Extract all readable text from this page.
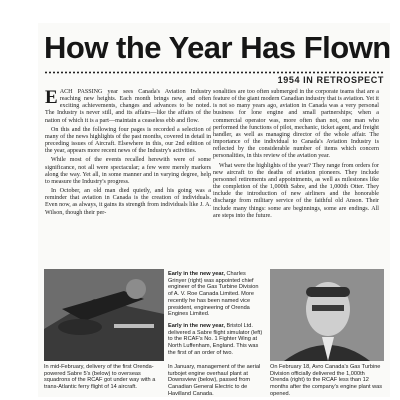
How the Year Has Flown
1954 IN RETROSPECT

EACH PASSING year sees Canada's Aviation Industry reaching new heights. Each month brings new, and often exciting achievements, changes and advances to be noted. The Industry is never still, and its affairs—like the affairs of the nation of which it is a part—maintain a ceaseless ebb and flow.

On this and the following four pages is recorded a selection of many of the news highlights of the past months, covered in detail in preceding issues of Aircraft. Elsewhere in this, our 2nd edition of the year, appears more recent news of the Industry's activities.

While most of the events recalled herewith were of some significance, not all were spectacular; a few were merely markers along the way. Yet all, in some manner and in varying degree, help to measure the Industry's progress.

In October, an old man died quietly, and his going was a reminder that aviation in Canada is the creation of individuals. Even now, as always, it gains its strength from individuals like J. A. Wilson, though their per-

sonalities are too often submerged in the corporate teams that are a feature of the giant modern Canadian industry that is aviation. Yet it is not so many years ago, aviation in Canada was a very personal business for lone engine and small partnerships; when a commercial operator was, more often than not, one man who performed the functions of pilot, mechanic, ticket agent, and freight handler, as well as managing director of the whole affair. The importance of the individual to Canada's Aviation Industry is reflected by the considerable number of items which concern personalities, in this review of the aviation year.

What were the highlights of the year? They range from orders for new aircraft to the deaths of aviation pioneers. They include personnel retirements and appointments, as well as milestones like the completion of the 1,000th Sabre, and the 1,000th Otter. They include the introduction of new airliners and the honorable discharge from military service of the faithful old Anson. Their include many things: some are beginnings, some are endings. All are steps into the future.

Early in the new year, Charles Grinyer (right) was appointed chief engineer of the Gas Turbine Division of A. V. Roe Canada Limited. More recently he has been named vice president, engineering of Orenda Engines Limited.

Early in the new year, Bristol Ltd. delivered a Sabre flight simulator (left) to the RCAF's No. 1 Fighter Wing at North Luffenham, England. This was the first of an order of two.

In mid-February, delivery of the first Orenda-powered Sabre 5's (below) to overseas squadrons of the RCAF got under way with a trans-Atlantic ferry flight of 14 aircraft.

In January, management of the aerial turbojet engine overhaul plant at Downsview (below), passed from Canadian General Electric to de Havilland Canada.

On February 18, Avro Canada's Gas Turbine Division officially delivered the 1,000th Orenda (right) to the RCAF less than 12 months after the company's engine plant was opened.
